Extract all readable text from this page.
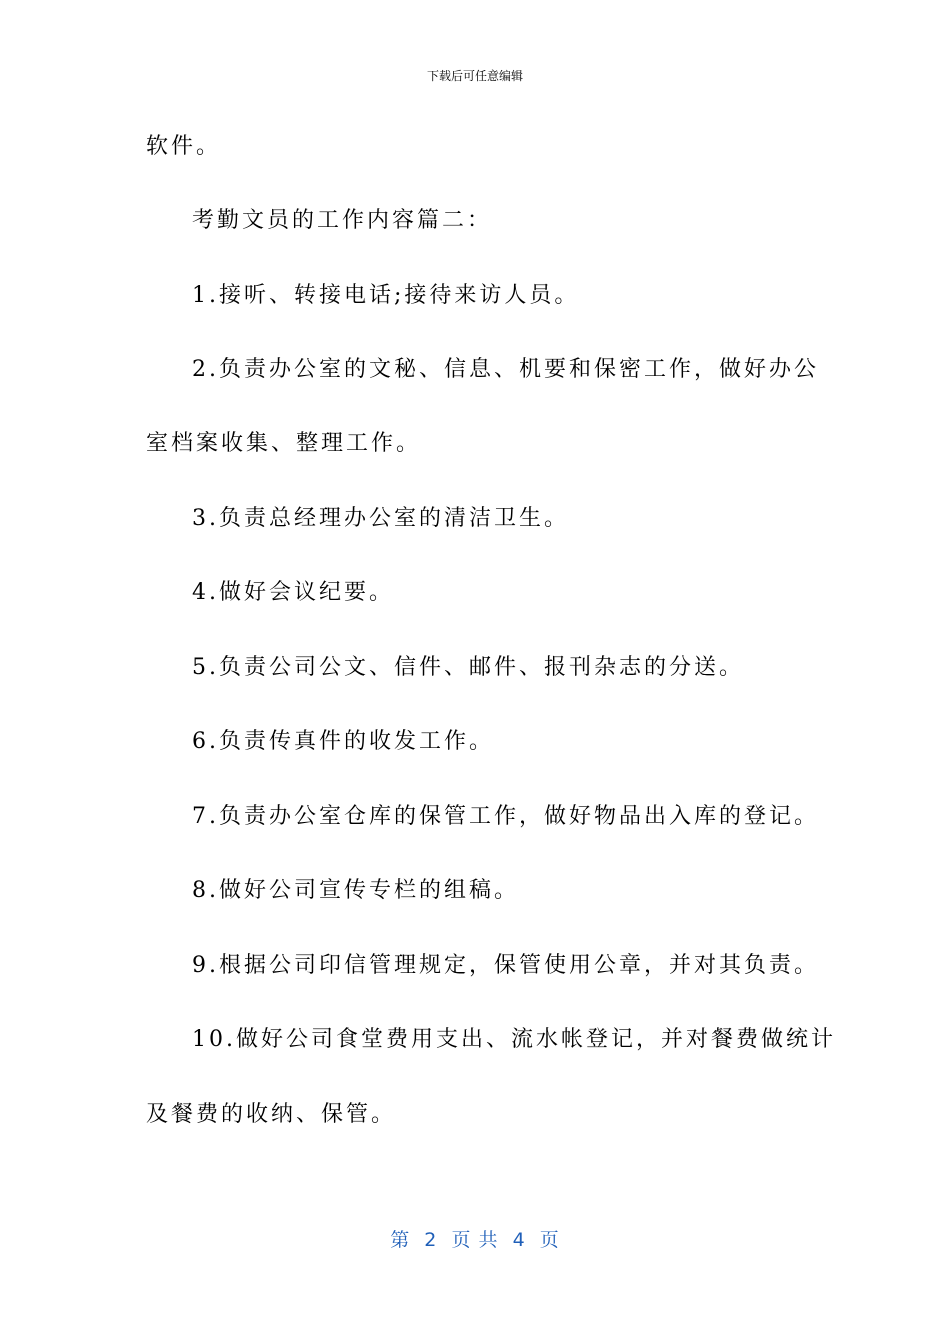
下载后可任意编辑
软件。
考勤文员的工作内容篇二：
1.接听、转接电话;接待来访人员。
2.负责办公室的文秘、信息、机要和保密工作，做好办公
室档案收集、整理工作。
3.负责总经理办公室的清洁卫生。
4.做好会议纪要。
5.负责公司公文、信件、邮件、报刊杂志的分送。
6.负责传真件的收发工作。
7.负责办公室仓库的保管工作，做好物品出入库的登记。
8.做好公司宣传专栏的组稿。
9.根据公司印信管理规定，保管使用公章，并对其负责。
10.做好公司食堂费用支出、流水帐登记，并对餐费做统计
及餐费的收纳、保管。
第  2  页 共  4  页
